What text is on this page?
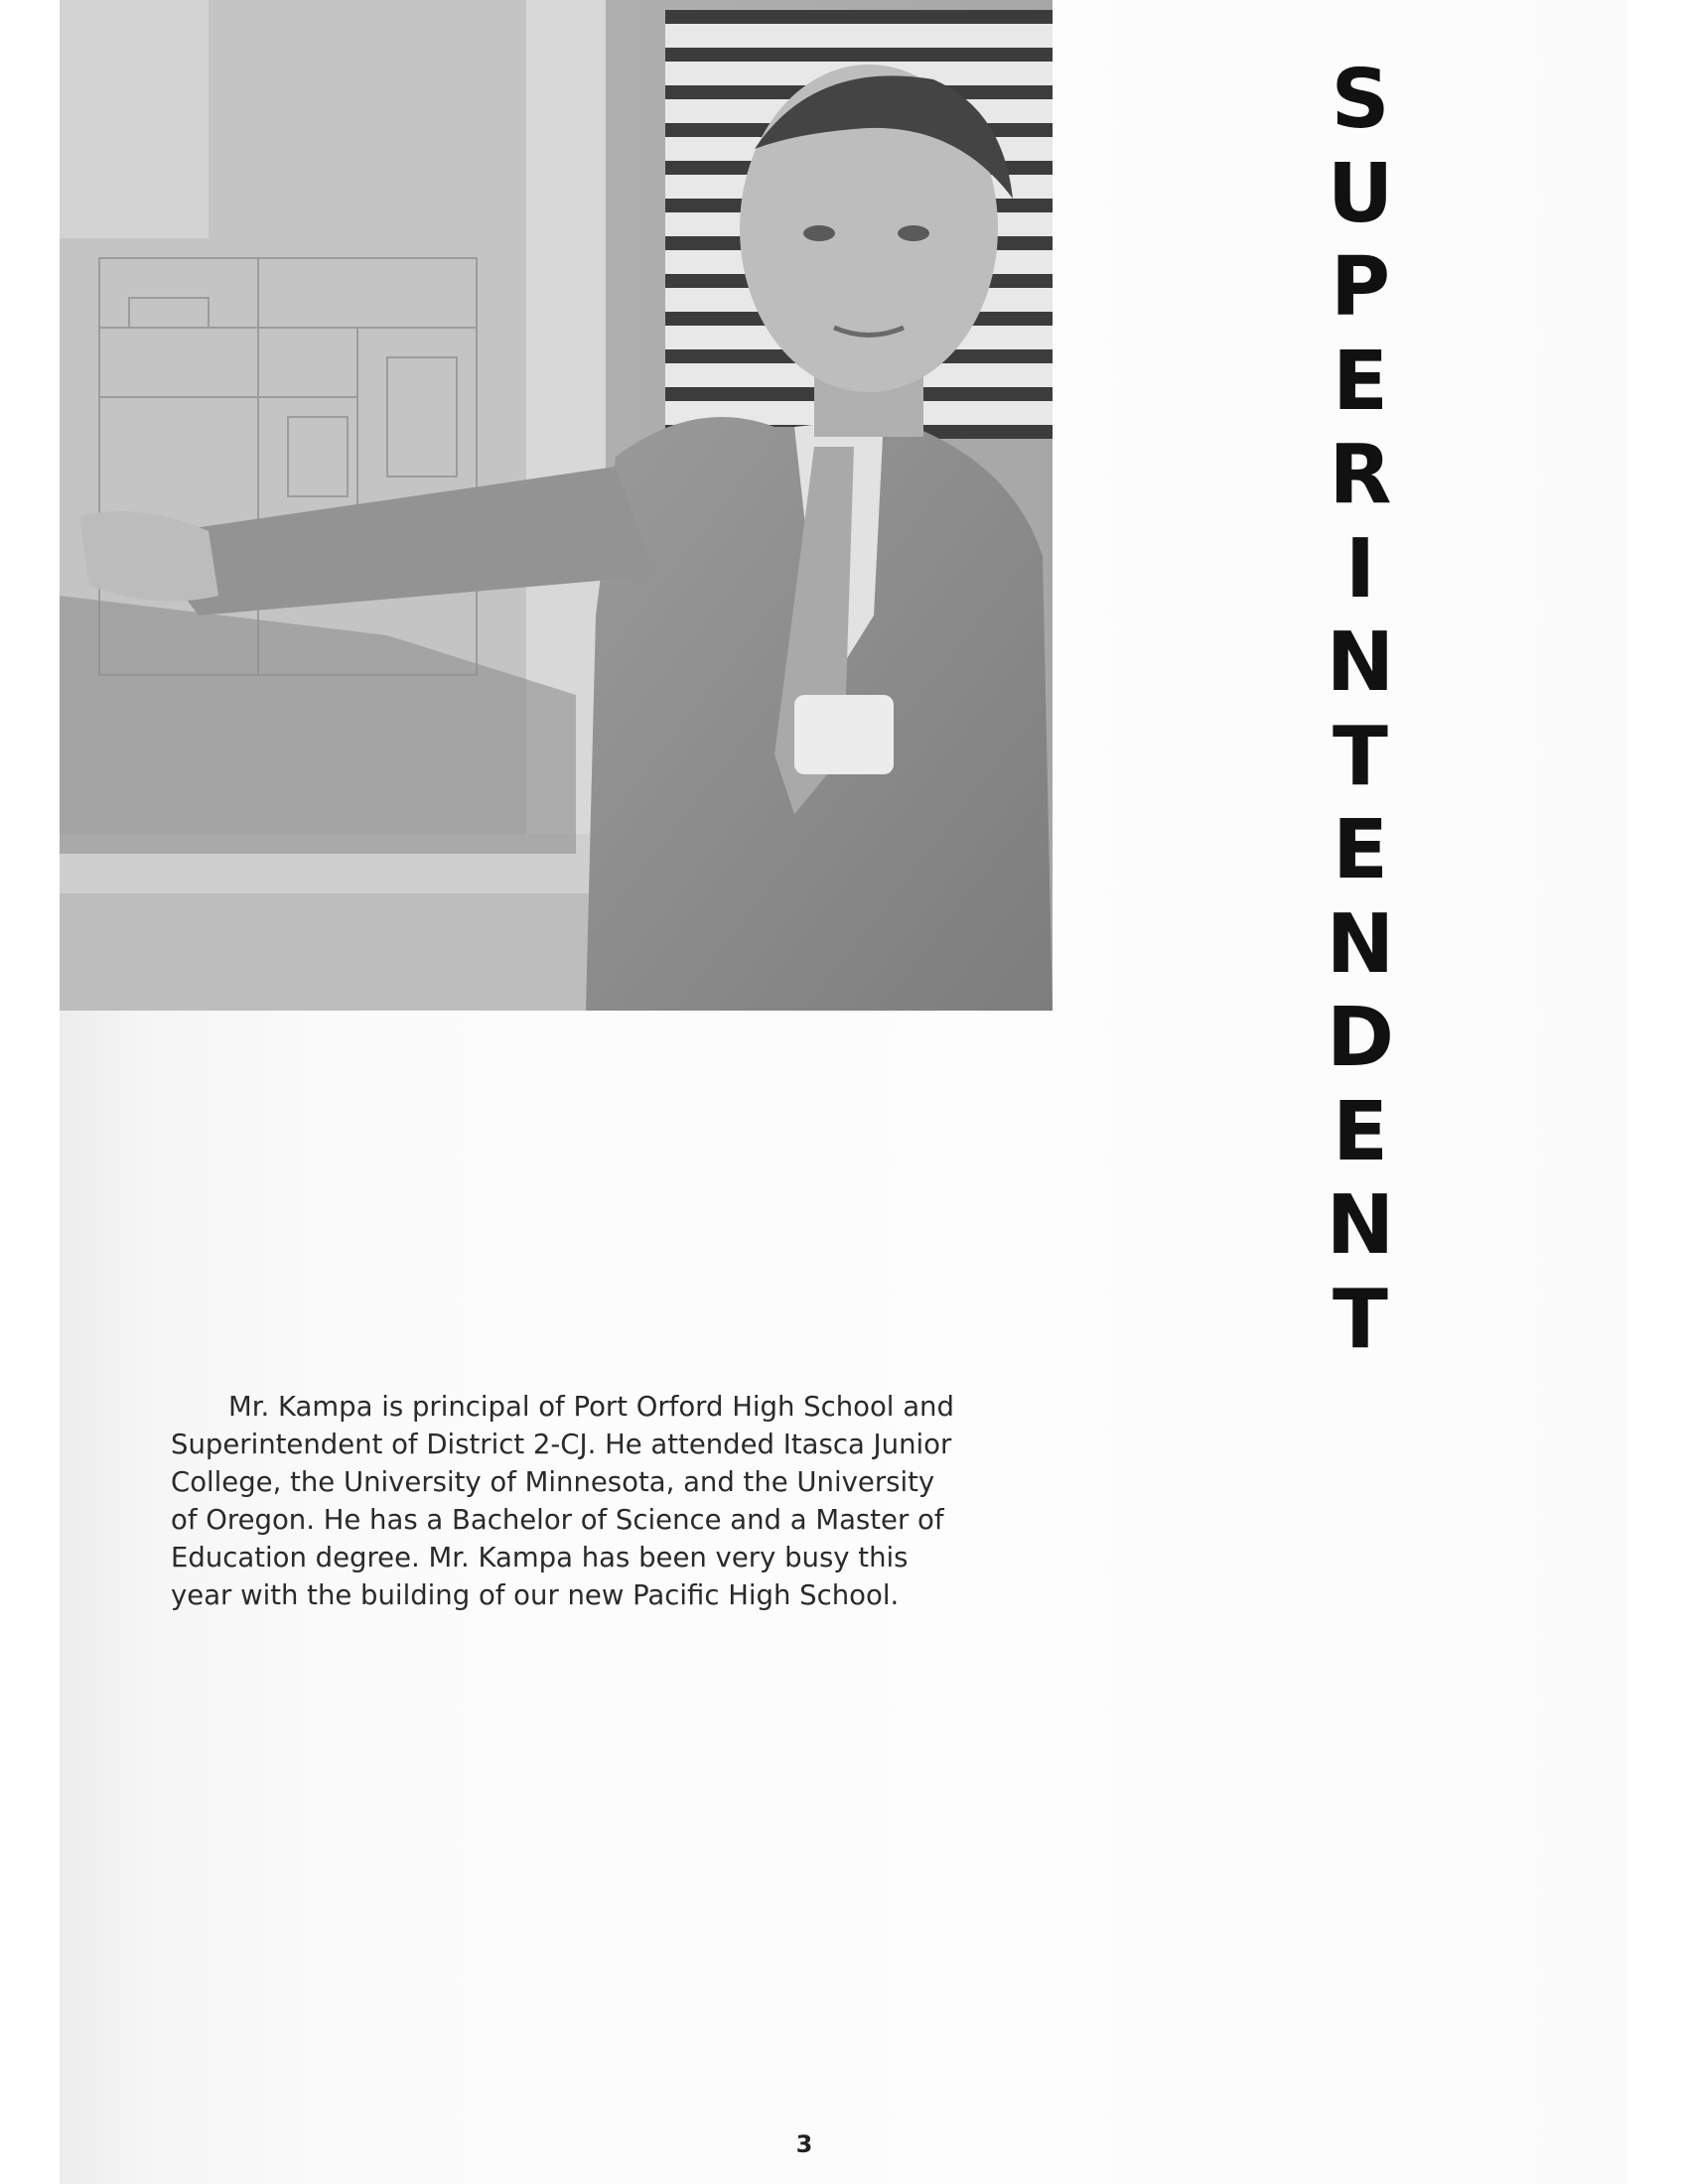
S
U
P
E
R
I
N
T
E
N
D
E
N
T
Mr. Kampa is principal of Port Orford High School and
Superintendent of District 2-CJ. He attended Itasca Junior
College, the University of Minnesota, and the University
of Oregon. He has a Bachelor of Science and a Master of
Education degree. Mr. Kampa has been very busy this
year with the building of our new Pacific High School.
3
